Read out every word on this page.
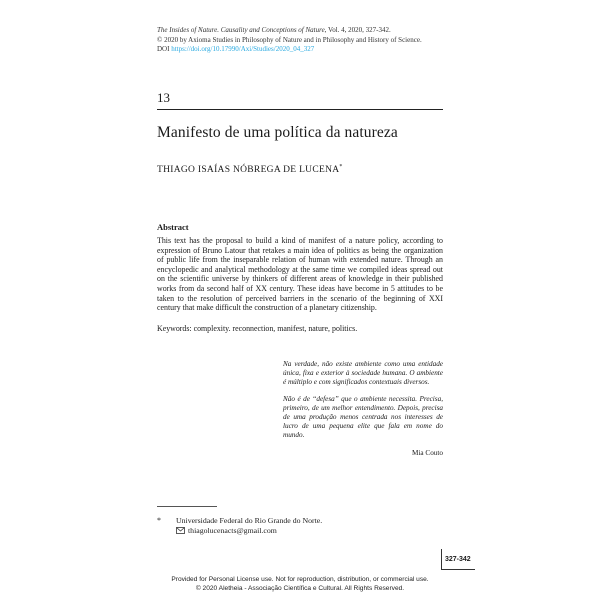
The Insides of Nature. Causality and Conceptions of Nature, Vol. 4, 2020, 327-342.
© 2020 by Axioma Studies in Philosophy of Nature and in Philosophy and History of Science.
DOI https://doi.org/10.17990/Axi/Studies/2020_04_327
13
Manifesto de uma política da natureza
THIAGO ISAÍAS NÓBREGA DE LUCENA*
Abstract
This text has the proposal to build a kind of manifest of a nature policy, according to expression of Bruno Latour that retakes a main idea of politics as being the organization of public life from the inseparable relation of human with extended nature. Through an encyclopedic and analytical methodology at the same time we compiled ideas spread out on the scientific universe by thinkers of different areas of knowledge in their published works from da second half of XX century. These ideas have become in 5 attitudes to be taken to the resolution of perceived barriers in the scenario of the beginning of XXI century that make difficult the construction of a planetary citizenship.
Keywords: complexity. reconnection, manifest, nature, politics.

Na verdade, não existe ambiente como uma entidade única, fixa e exterior à sociedade humana. O ambiente é múltiplo e com significados contextuais diversos.

Não é de “defesa” que o ambiente necessita. Precisa, primeiro, de um melhor entendimento. Depois, precisa de uma produção menos centrada nos interesses de lucro de uma pequena elite que fala em nome do mundo.

Mia Couto
* Universidade Federal do Rio Grande do Norte.
thiagolucenacts@gmail.com
327-342
Provided for Personal License use. Not for reproduction, distribution, or commercial use.
© 2020 Aletheia - Associação Científica e Cultural. All Rights Reserved.
